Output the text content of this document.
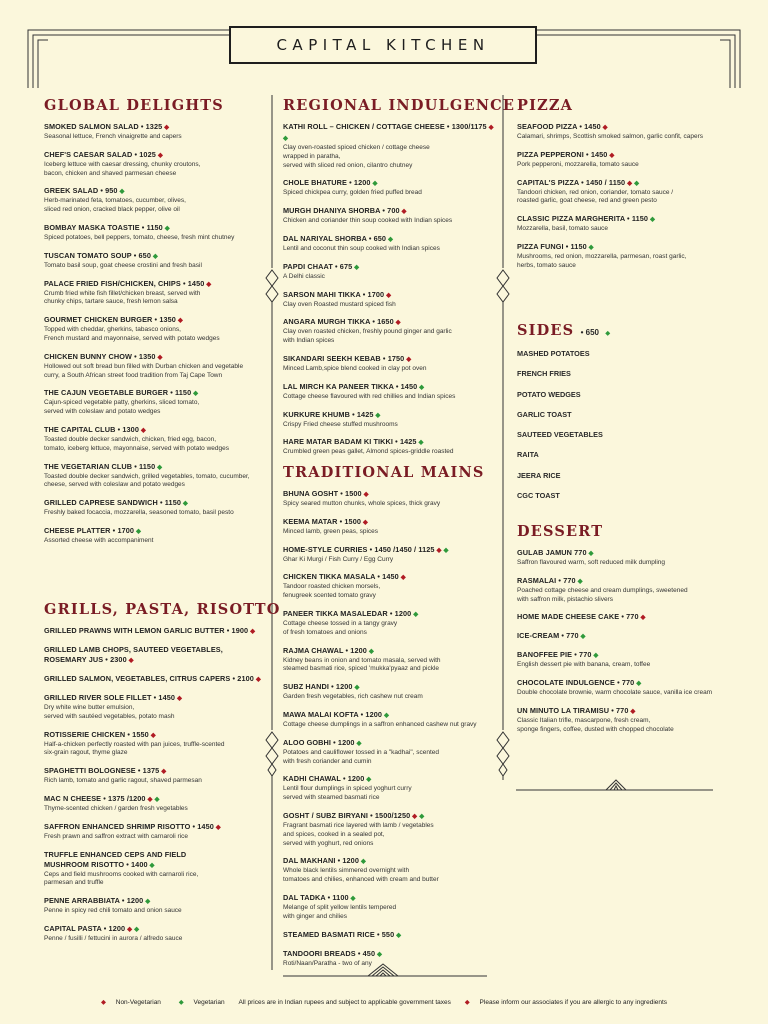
CAPITAL KITCHEN
GLOBAL DELIGHTS
SMOKED SALMON SALAD • 1325 ◆
Seasonal lettuce, French vinaigrette and capers
CHEF'S CAESAR SALAD • 1025 ◆
Iceberg lettuce with caesar dressing, chunky croutons,
bacon, chicken and shaved parmesan cheese
GREEK SALAD • 950 ◆
Herb-marinated feta, tomatoes, cucumber, olives,
sliced red onion, cracked black pepper, olive oil
BOMBAY MASKA TOASTIE • 1150 ◆
Spiced potatoes, bell peppers, tomato, cheese, fresh mint chutney
TUSCAN TOMATO SOUP • 650 ◆
Tomato basil soup, goat cheese crostini and fresh basil
PALACE FRIED FISH/CHICKEN, CHIPS • 1450 ◆
Crumb fried white fish fillet/chicken breast, served with
chunky chips, tartare sauce, fresh lemon salsa
GOURMET CHICKEN BURGER • 1350 ◆
Topped with cheddar, gherkins, tabasco onions,
French mustard and mayonnaise, served with potato wedges
CHICKEN BUNNY CHOW • 1350 ◆
Hollowed out soft bread bun filled with Durban chicken and vegetable
curry, a South African street food tradition from Taj Cape Town
THE CAJUN VEGETABLE BURGER • 1150 ◆
Cajun-spiced vegetable patty, gherkins, sliced tomato,
served with coleslaw and potato wedges
THE CAPITAL CLUB • 1300 ◆
Toasted double decker sandwich, chicken, fried egg, bacon,
tomato, iceberg lettuce, mayonnaise, served with potato wedges
THE VEGETARIAN CLUB • 1150 ◆
Toasted double decker sandwich, grilled vegetables, tomato, cucumber,
cheese, served with coleslaw and potato wedges
GRILLED CAPRESE SANDWICH • 1150 ◆
Freshly baked focaccia, mozzarella, seasoned tomato, basil pesto
CHEESE PLATTER • 1700 ◆
Assorted cheese with accompaniment
GRILLS, PASTA, RISOTTO
GRILLED PRAWNS WITH LEMON GARLIC BUTTER • 1900 ◆
GRILLED LAMB CHOPS, SAUTEED VEGETABLES,
ROSEMARY JUS • 2300 ◆
GRILLED SALMON, VEGETABLES, CITRUS CAPERS • 2100 ◆
GRILLED RIVER SOLE FILLET • 1450 ◆
Dry white wine butter emulsion,
served with sautéed vegetables, potato mash
ROTISSERIE CHICKEN • 1550 ◆
Half-a-chicken perfectly roasted with pan juices, truffle-scented
six-grain ragout, thyme glaze
SPAGHETTI BOLOGNESE • 1375 ◆
Rich lamb, tomato and garlic ragout, shaved parmesan
MAC N CHEESE • 1375 /1200 ◆ ◆
Thyme-scented chicken / garden fresh vegetables
SAFFRON ENHANCED SHRIMP RISOTTO • 1450 ◆
Fresh prawn and saffron extract with carnaroli rice
TRUFFLE ENHANCED CEPS AND FIELD
MUSHROOM RISOTTO • 1400 ◆
Ceps and field mushrooms cooked with carnaroli rice,
parmesan and truffle
PENNE ARRABBIATA • 1200 ◆
Penne in spicy red chili tomato and onion sauce
CAPITAL PASTA • 1200 ◆ ◆
Penne / fusilli / fettucini in aurora / alfredo sauce
REGIONAL INDULGENCE
KATHI ROLL – CHICKEN / COTTAGE CHEESE • 1300/1175 ◆ ◆
Clay oven-roasted spiced chicken / cottage cheese
wrapped in paratha,
served with sliced red onion, cilantro chutney
CHOLE BHATURE • 1200 ◆
Spiced chickpea curry, golden fried puffed bread
MURGH DHANIYA SHORBA • 700 ◆
Chicken and coriander thin soup cooked with Indian spices
DAL NARIYAL SHORBA • 650 ◆
Lentil and coconut thin soup cooked with Indian spices
PAPDI CHAAT • 675 ◆
A Delhi classic
SARSON MAHI TIKKA • 1700 ◆
Clay oven Roasted mustard spiced fish
ANGARA MURGH TIKKA • 1650 ◆
Clay oven roasted chicken, freshly pound ginger and garlic
with Indian spices
SIKANDARI SEEKH KEBAB • 1750 ◆
Minced Lamb,spice blend cooked in clay pot oven
LAL MIRCH KA PANEER TIKKA • 1450 ◆
Cottage cheese flavoured with red chillies and Indian spices
KURKURE KHUMB • 1425 ◆
Crispy Fried cheese stuffed mushrooms
HARE MATAR BADAM KI TIKKI • 1425 ◆
Crumbled green peas gallet, Almond spices-griddle roasted
TRADITIONAL MAINS
BHUNA GOSHT • 1500 ◆
Spicy seared mutton chunks, whole spices, thick gravy
KEEMA MATAR • 1500 ◆
Minced lamb, green peas, spices
HOME-STYLE CURRIES • 1450 /1450 / 1125 ◆ ◆
Ghar Ki Murgi / Fish Curry / Egg Curry
CHICKEN TIKKA MASALA • 1450 ◆
Tandoor roasted chicken morsels,
fenugreek scented tomato gravy
PANEER TIKKA MASALEDAR • 1200 ◆
Cottage cheese tossed in a tangy gravy
of fresh tomatoes and onions
RAJMA CHAWAL • 1200 ◆
Kidney beans in onion and tomato masala, served with
steamed basmati rice, spiced 'mukka'pyaaz and pickle
SUBZ HANDI • 1200 ◆
Garden fresh vegetables, rich cashew nut cream
MAWA MALAI KOFTA • 1200 ◆
Cottage cheese dumplings in a saffron enhanced cashew nut gravy
ALOO GOBHI • 1200 ◆
Potatoes and cauliflower tossed in a "kadhai", scented
with fresh coriander and cumin
KADHI CHAWAL • 1200 ◆
Lentil flour dumplings in spiced yoghurt curry
served with steamed basmati rice
GOSHT / SUBZ BIRYANI • 1500/1250 ◆ ◆
Fragrant basmati rice layered with lamb / vegetables
and spices, cooked in a sealed pot,
served with yoghurt, red onions
DAL MAKHANI • 1200 ◆
Whole black lentils simmered overnight with
tomatoes and chilies, enhanced with cream and butter
DAL TADKA • 1100 ◆
Melange of split yellow lentils tempered
with ginger and chilies
STEAMED BASMATI RICE • 550 ◆
TANDOORI BREADS • 450 ◆
Roti/Naan/Paratha - two of any
PIZZA
SEAFOOD PIZZA • 1450 ◆
Calamari, shrimps, Scottish smoked salmon, garlic confit, capers
PIZZA PEPPERONI • 1450 ◆
Pork pepperoni, mozzarella, tomato sauce
CAPITAL'S PIZZA • 1450 / 1150 ◆ ◆
Tandoori chicken, red onion, coriander, tomato sauce /
roasted garlic, goat cheese, red and green pesto
CLASSIC PIZZA MARGHERITA • 1150 ◆
Mozzarella, basil, tomato sauce
PIZZA FUNGI • 1150 ◆
Mushrooms, red onion, mozzarella, parmesan, roast garlic,
herbs, tomato sauce
SIDES • 650 ◆
MASHED POTATOES
FRENCH FRIES
POTATO WEDGES
GARLIC TOAST
SAUTEED VEGETABLES
RAITA
JEERA RICE
CGC TOAST
DESSERT
GULAB JAMUN 770 ◆
Saffron flavoured warm, soft reduced milk dumpling
RASMALAI • 770 ◆
Poached cottage cheese and cream dumplings, sweetened
with saffron milk, pistachio slivers
HOME MADE CHEESE CAKE • 770 ◆
ICE-CREAM • 770 ◆
BANOFFEE PIE • 770 ◆
English dessert pie with banana, cream, toffee
CHOCOLATE INDULGENCE • 770 ◆
Double chocolate brownie, warm chocolate sauce, vanilla ice cream
UN MINUTO LA TIRAMISU • 770 ◆
Classic Italian trifle, mascarpone, fresh cream,
sponge fingers, coffee, dusted with chopped chocolate
◆ Non-Vegetarian	◆ Vegetarian All prices are in Indian rupees and subject to applicable government taxes ◆ Please inform our associates if you are allergic to any ingredients
